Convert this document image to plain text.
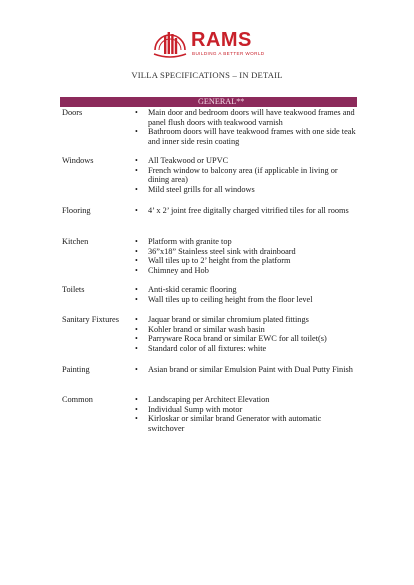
RAMS
BUILDING A BETTER WORLD
VILLA SPECIFICATIONS – IN DETAIL
GENERAL**
Doors	• Main door and bedroom doors will have teakwood frames and panel flush doors with teakwood varnish
• Bathroom doors will have teakwood frames with one side teak and inner side resin coating
Windows	• All Teakwood or UPVC
• French window to balcony area (if applicable in living or dining area)
• Mild steel grills for all windows
Flooring	• 4’ x 2’ joint free digitally charged vitrified tiles for all rooms
Kitchen	• Platform with granite top
• 36”x18” Stainless steel sink with drainboard
• Wall tiles up to 2’ height from the platform
• Chimney and Hob
Toilets	• Anti-skid ceramic flooring
• Wall tiles up to ceiling height from the floor level
Sanitary Fixtures • Jaquar brand or similar chromium plated fittings
• Kohler brand or similar wash basin
• Parryware Roca brand or similar EWC for all toilet(s)
• Standard color of all fixtures: white
Painting	• Asian brand or similar Emulsion Paint with Dual Putty Finish
Common	• Landscaping per Architect Elevation
• Individual Sump with motor
• Kirloskar or similar brand Generator with automatic switchover
